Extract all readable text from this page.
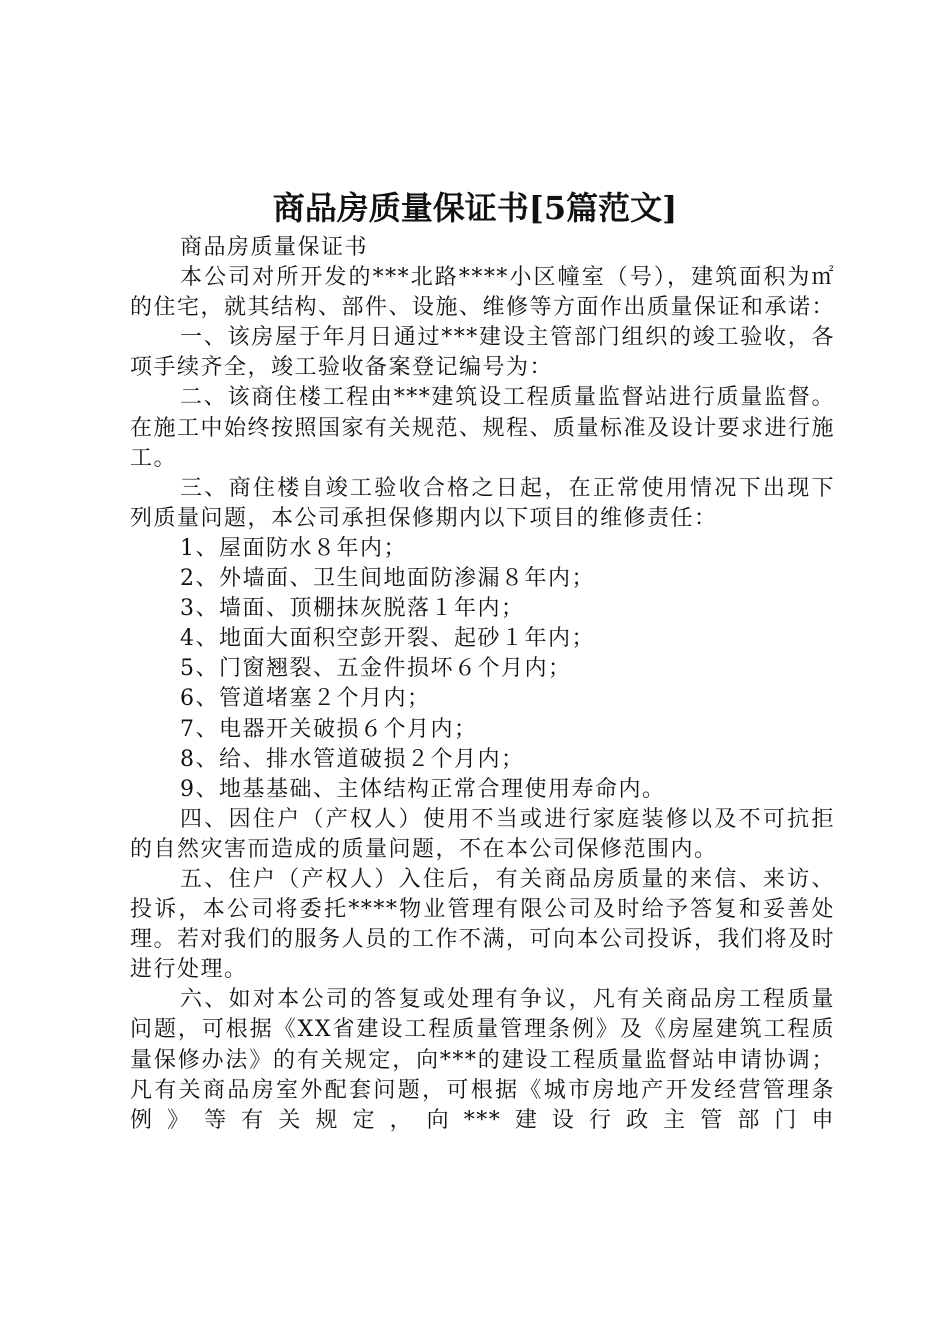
商品房质量保证书[5篇范文]

商品房质量保证书

本公司对所开发的***北路****小区幢室（号），建筑面积为㎡的住宅，就其结构、部件、设施、维修等方面作出质量保证和承诺：

一、该房屋于年月日通过***建设主管部门组织的竣工验收，各项手续齐全，竣工验收备案登记编号为：

二、该商住楼工程由***建筑设工程质量监督站进行质量监督。在施工中始终按照国家有关规范、规程、质量标准及设计要求进行施工。

三、商住楼自竣工验收合格之日起，在正常使用情况下出现下列质量问题，本公司承担保修期内以下项目的维修责任：

1、屋面防水８年内；

2、外墙面、卫生间地面防渗漏８年内；

3、墙面、顶棚抹灰脱落１年内；

4、地面大面积空彭开裂、起砂１年内；

5、门窗翘裂、五金件损坏６个月内；

6、管道堵塞２个月内；

7、电器开关破损６个月内；

8、给、排水管道破损２个月内；

9、地基基础、主体结构正常合理使用寿命内。

四、因住户（产权人）使用不当或进行家庭装修以及不可抗拒的自然灾害而造成的质量问题，不在本公司保修范围内。

五、住户（产权人）入住后，有关商品房质量的来信、来访、投诉，本公司将委托****物业管理有限公司及时给予答复和妥善处理。若对我们的服务人员的工作不满，可向本公司投诉，我们将及时进行处理。

六、如对本公司的答复或处理有争议，凡有关商品房工程质量问题，可根据《XX省建设工程质量管理条例》及《房屋建筑工程质量保修办法》的有关规定，向***的建设工程质量监督站申请协调；凡有关商品房室外配套问题，可根据《城市房地产开发经营管理条例》等有关规定，向***建设行政主管部门申
